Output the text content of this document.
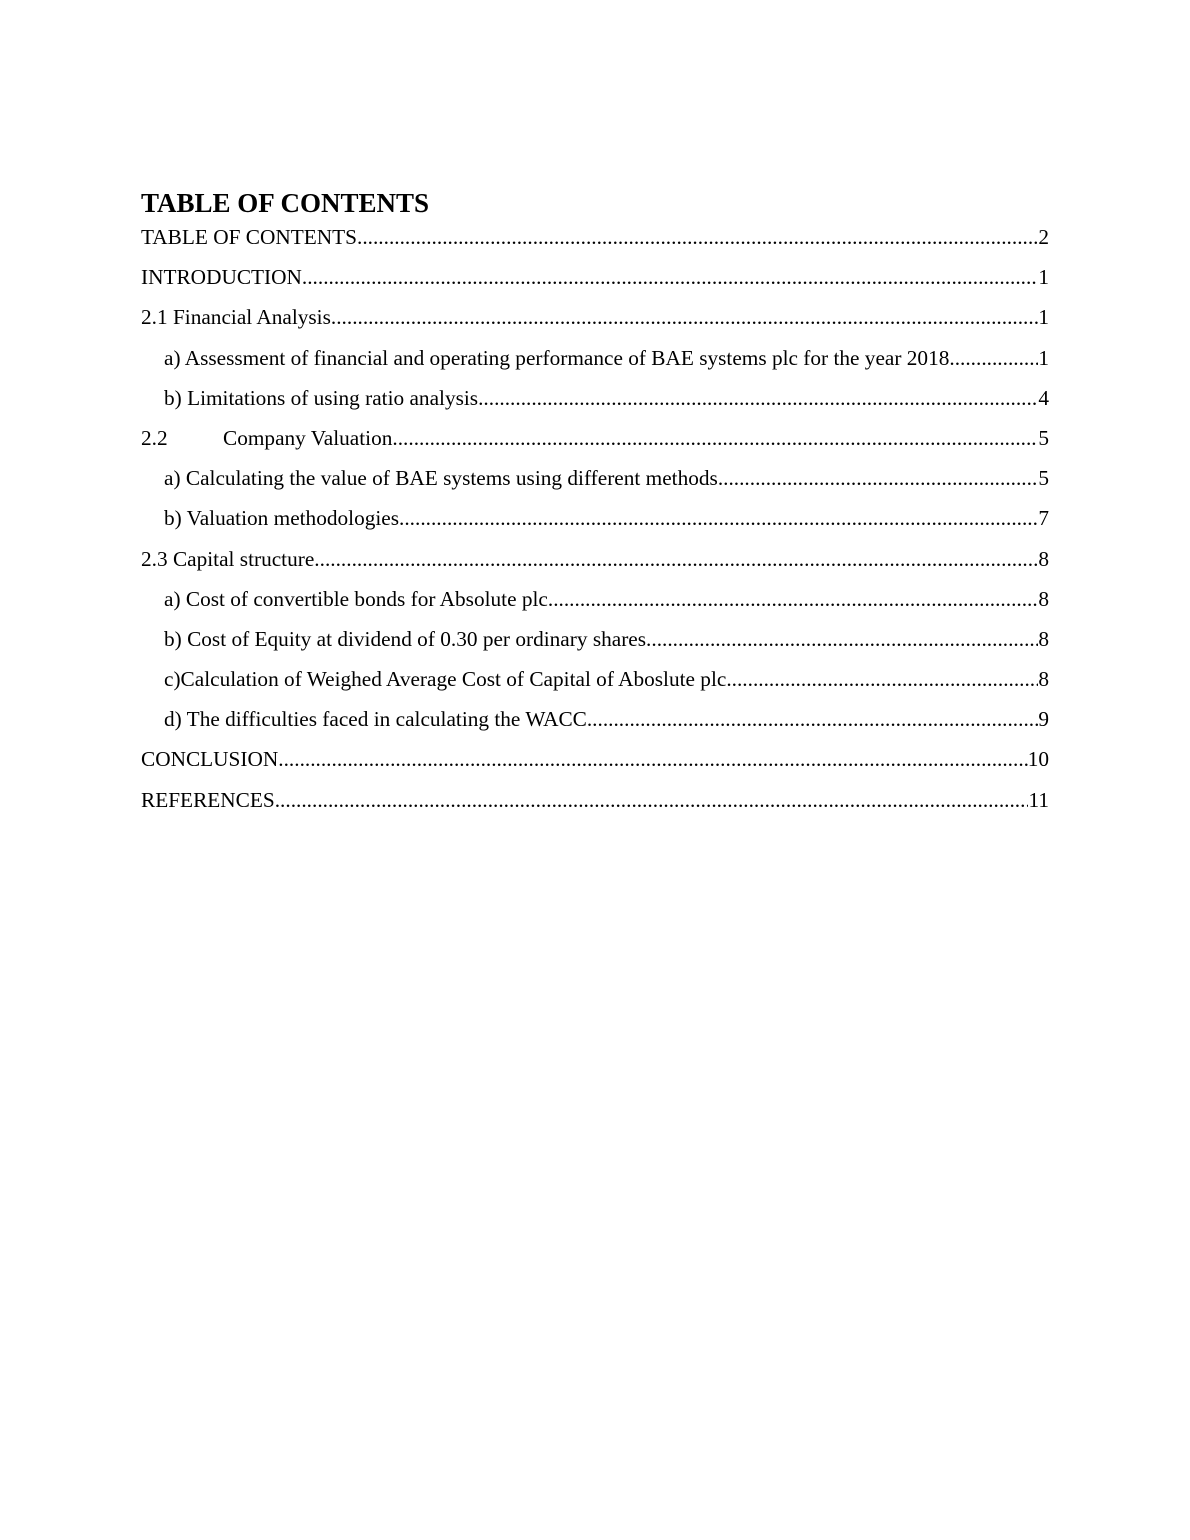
TABLE OF CONTENTS
TABLE OF CONTENTS .....	2
INTRODUCTION .....	1
2.1 Financial Analysis .....	1
a) Assessment of financial and operating performance of BAE systems plc for the year 2018. .....	1
b) Limitations of using ratio analysis .....	4
2.2	Company Valuation .....	5
a) Calculating the value of BAE systems using different methods .....	5
b) Valuation methodologies .....	7
2.3 Capital structure .....	8
a) Cost of convertible bonds for Absolute plc .....	8
b) Cost of Equity at dividend of 0.30 per ordinary shares .....	8
c)Calculation of Weighed Average Cost of Capital of Aboslute plc .....	8
d) The difficulties faced in calculating the WACC .....	9
CONCLUSION .....	10
REFERENCES .....	11
